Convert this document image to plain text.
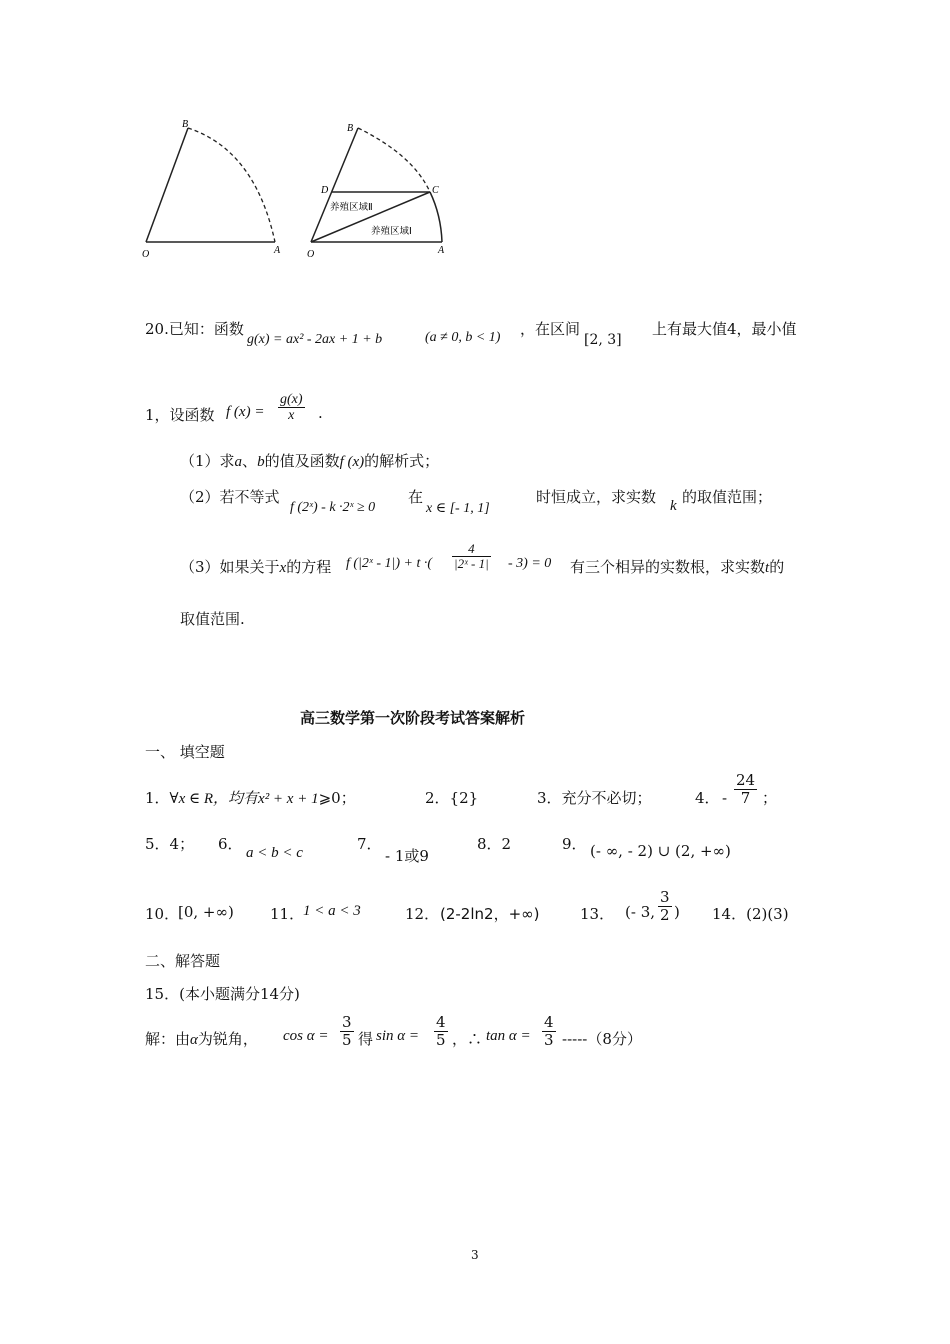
B
O	A
B
D	C
O	A
养殖区域Ⅱ
养殖区域Ⅰ
20.已知：函数
g(x) = ax² - 2ax + 1 + b	(a ≠ 0, b < 1) ，在区间
[2, 3]
上有最大值4，最小值
1，设函数 f $(x) = \frac{g(x)}{x}$ .
（1）求a、b的值及函数f (x)的解析式；
（2）若不等式
f (2ˣ) - k ·2ˣ ≥ 0
在
x ∈ [- 1, 1]
时恒成立，求实数 k 的取值范围；
（3）如果关于x的方程 f (|2ˣ - 1|) + t ·( $\frac{4}{\text{|2ˣ - 1|}} - 3) = 0$ 有三个相异的实数根，求实数t的
取值范围.
高三数学第一次阶段考试答案解析
一、 填空题
1．∀x ∈ R，均有x² + x + 1⩾0；	2．{2}	3．充分不必切；	4． - $\frac{24}{7}$ ；
5．4； 6． a < b < c	7．
- 1或9
8．2	9． (- ∞, - 2) ∪ (2, +∞)
10．
[0, +∞) 11．
1 < a < 3	12． (2-2ln2，+∞)	13． (- 3, $\frac{3}{2}$ ) 14．(2)(3)
二、解答题
15．(本小题满分14分)
解：由α为锐角， $\cos \alpha = \frac{3}{5}$ 得 $\sin \alpha = \frac{4}{5}$ ，∴ $\tan \alpha = \frac{4}{3} -----(8$分）
3
